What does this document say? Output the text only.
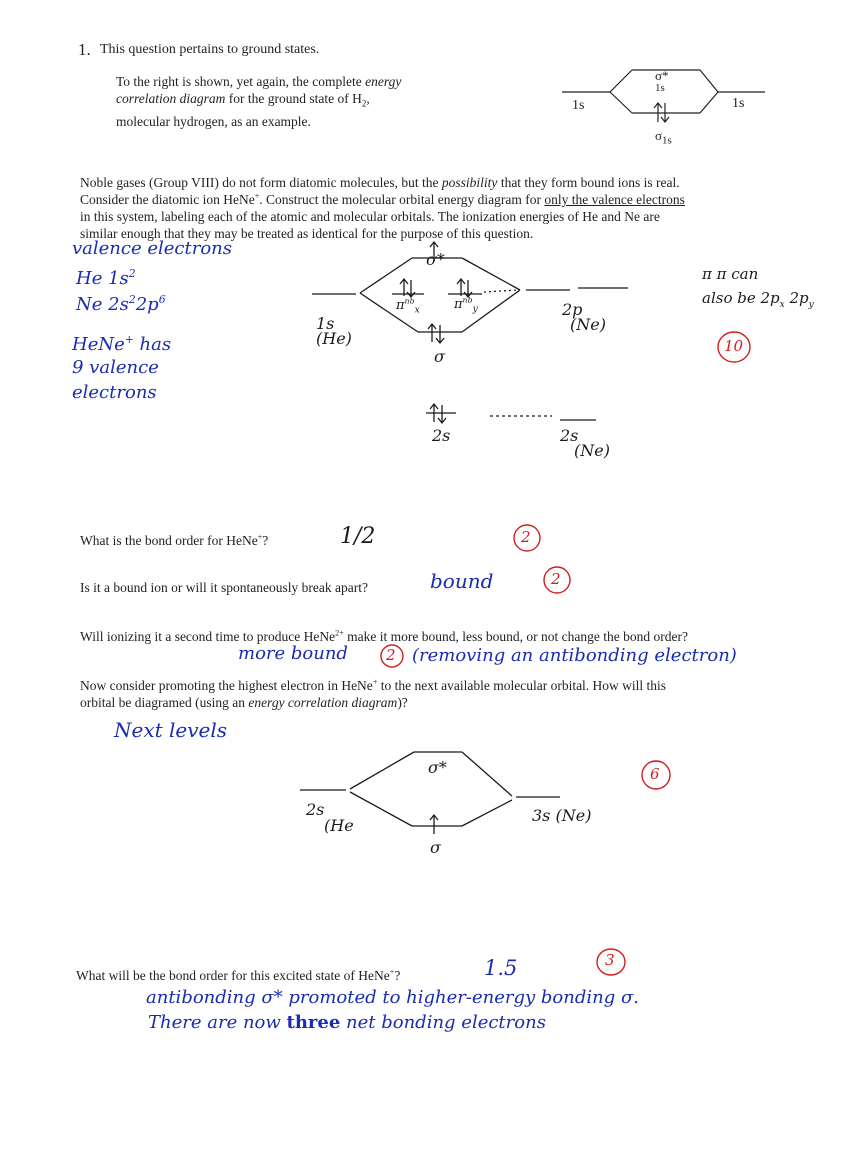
1. This question pertains to ground states.
To the right is shown, yet again, the complete energy
correlation diagram for the ground state of $H_2$,
molecular hydrogen, as an example.
1s	1s
σ*
1s
$\sigma_{1s}$
Noble gases (Group VIII) do not form diatomic molecules, but the possibility that they form bound ions is real.
Consider the diatomic ion HeNe+. Construct the molecular orbital energy diagram for only the valence electrons
in this system, labeling each of the atomic and molecular orbitals. The ionization energies of He and Ne are
similar enough that they may be treated as identical for the purpose of this question.
valence electrons
He $1s^2$
Ne $2s^22p^6$
HeNe+ has
9 valence
electrons
σ*
$\pi^{nb}_x$	$\pi^{nb}_y$
σ
1s
(He)
2p
(Ne)
2s	2s
(Ne)
π π can
also be $2p_x$ $2p_y$
10
2
2
2
6
3
What is the bond order for HeNe+?	1/2
Is it a bound ion or will it spontaneously break apart?	bound
Will ionizing it a second time to produce HeNe$^{2+}$ make it more bound, less bound, or not change the bond order?
more bound	(removing an antibonding electron)
Now consider promoting the highest electron in HeNe+ to the next available molecular orbital. How will this
orbital be diagramed (using an energy correlation diagram)?
Next levels
σ*
σ
2s
(He
3s (Ne)
What will be the bond order for this excited state of HeNe+?	1.5
antibonding σ* promoted to higher-energy bonding σ.
There are now three net bonding electrons
